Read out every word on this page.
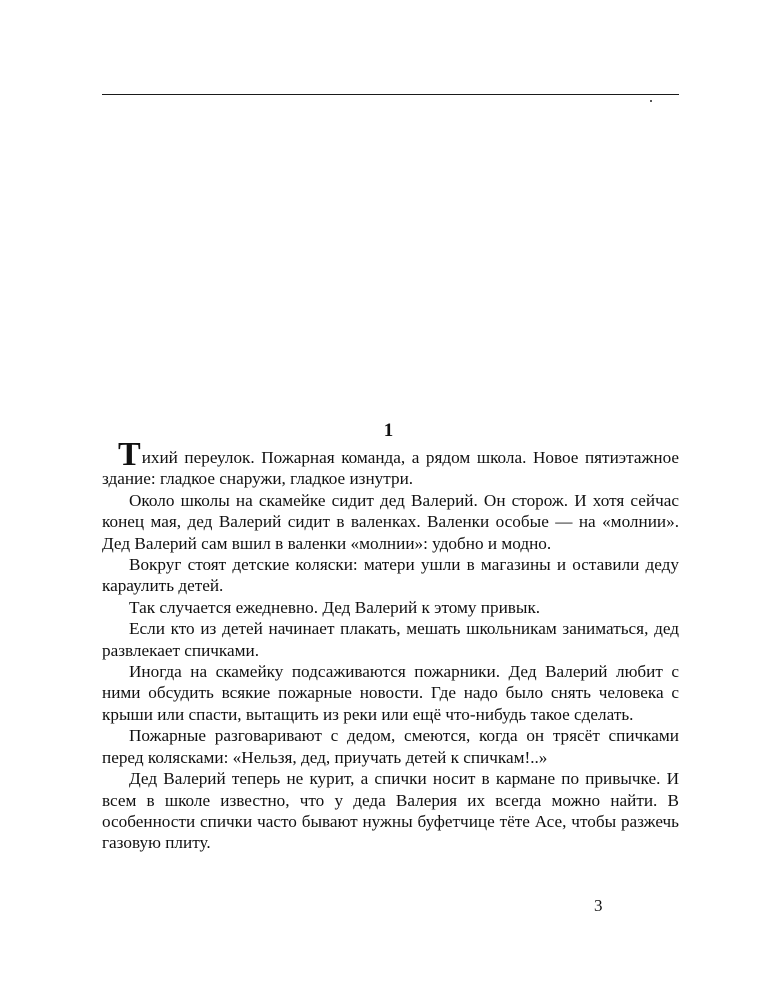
1

Тихий переулок. Пожарная команда, а рядом школа. Новое пятиэтажное здание: гладкое снаружи, гладкое изнутри.

Около школы на скамейке сидит дед Валерий. Он сторож. И хотя сейчас конец мая, дед Валерий сидит в валенках. Валенки особые — на «молнии». Дед Валерий сам вшил в валенки «молнии»: удобно и модно.

Вокруг стоят детские коляски: матери ушли в магазины и оставили деду караулить детей.

Так случается ежедневно. Дед Валерий к этому привык.

Если кто из детей начинает плакать, мешать школьникам заниматься, дед развлекает спичками.

Иногда на скамейку подсаживаются пожарники. Дед Валерий любит с ними обсудить всякие пожарные новости. Где надо было снять человека с крыши или спасти, вытащить из реки или ещё что-нибудь такое сделать.

Пожарные разговаривают с дедом, смеются, когда он трясёт спичками перед колясками: «Нельзя, дед, приучать детей к спичкам!..»

Дед Валерий теперь не курит, а спички носит в кармане по привычке. И всем в школе известно, что у деда Валерия их всегда можно найти. В особенности спички часто бывают нужны буфетчице тёте Асе, чтобы разжечь газовую плиту.

3
